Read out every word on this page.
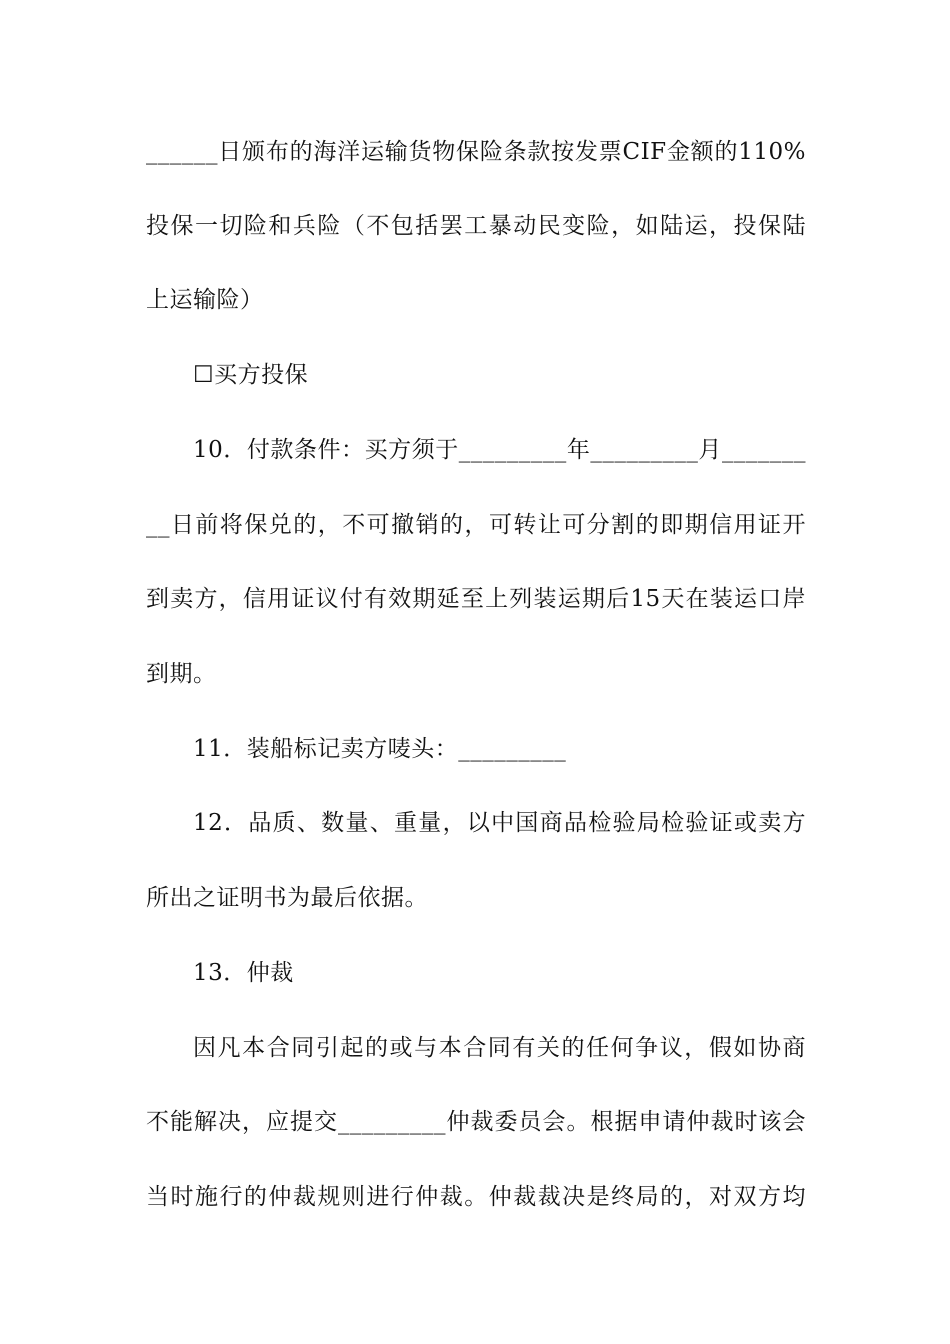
______日颁布的海洋运输货物保险条款按发票CIF金额的110%
投保一切险和兵险（不包括罢工暴动民变险，如陆运，投保陆
上运输险）
☐买方投保
10．付款条件：买方须于_________年_________月_______
__日前将保兑的，不可撤销的，可转让可分割的即期信用证开
到卖方，信用证议付有效期延至上列装运期后15天在装运口岸
到期。
11．装船标记卖方唛头：_________
12．品质、数量、重量，以中国商品检验局检验证或卖方
所出之证明书为最后依据。
13．仲裁
因凡本合同引起的或与本合同有关的任何争议，假如协商
不能解决，应提交_________仲裁委员会。根据申请仲裁时该会
当时施行的仲裁规则进行仲裁。仲裁裁决是终局的，对双方均
